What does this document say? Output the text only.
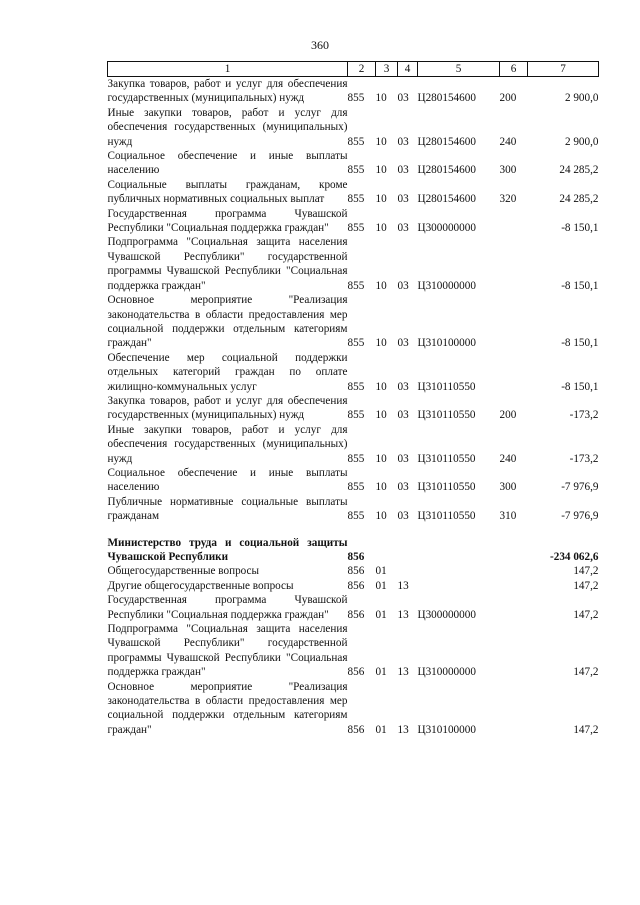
360
1	2	3	4	5	6	7
Закупка товаров, работ и услуг для обеспечения государственных (муниципальных) нужд	855	10	03	Ц280154600	200	2 900,0
Иные закупки товаров, работ и услуг для обеспечения государственных (муниципальных) нужд	855	10	03	Ц280154600	240	2 900,0
Социальное обеспечение и иные выплаты населению	855	10	03	Ц280154600	300	24 285,2
Социальные выплаты гражданам, кроме публичных нормативных социальных выплат	855	10	03	Ц280154600	320	24 285,2
Государственная программа Чувашской Республики "Социальная поддержка граждан"	855	10	03	Ц300000000		-8 150,1
Подпрограмма "Социальная защита населения Чувашской Республики" государственной программы Чувашской Республики "Социальная поддержка граждан"	855	10	03	Ц310000000		-8 150,1
Основное мероприятие "Реализация законодательства в области предоставления мер социальной поддержки отдельным категориям граждан"	855	10	03	Ц310100000		-8 150,1
Обеспечение мер социальной поддержки отдельных категорий граждан по оплате жилищно-коммунальных услуг	855	10	03	Ц310110550		-8 150,1
Закупка товаров, работ и услуг для обеспечения государственных (муниципальных) нужд	855	10	03	Ц310110550	200	-173,2
Иные закупки товаров, работ и услуг для обеспечения государственных (муниципальных) нужд	855	10	03	Ц310110550	240	-173,2
Социальное обеспечение и иные выплаты населению	855	10	03	Ц310110550	300	-7 976,9
Публичные нормативные социальные выплаты гражданам	855	10	03	Ц310110550	310	-7 976,9

Министерство труда и социальной защиты Чувашской Республики	856					-234 062,6
Общегосударственные вопросы	856	01				147,2
Другие общегосударственные вопросы	856	01	13			147,2
Государственная программа Чувашской Республики "Социальная поддержка граждан"	856	01	13	Ц300000000		147,2
Подпрограмма "Социальная защита населения Чувашской Республики" государственной программы Чувашской Республики "Социальная поддержка граждан"	856	01	13	Ц310000000		147,2
Основное мероприятие "Реализация законодательства в области предоставления мер социальной поддержки отдельным категориям граждан"	856	01	13	Ц310100000		147,2
